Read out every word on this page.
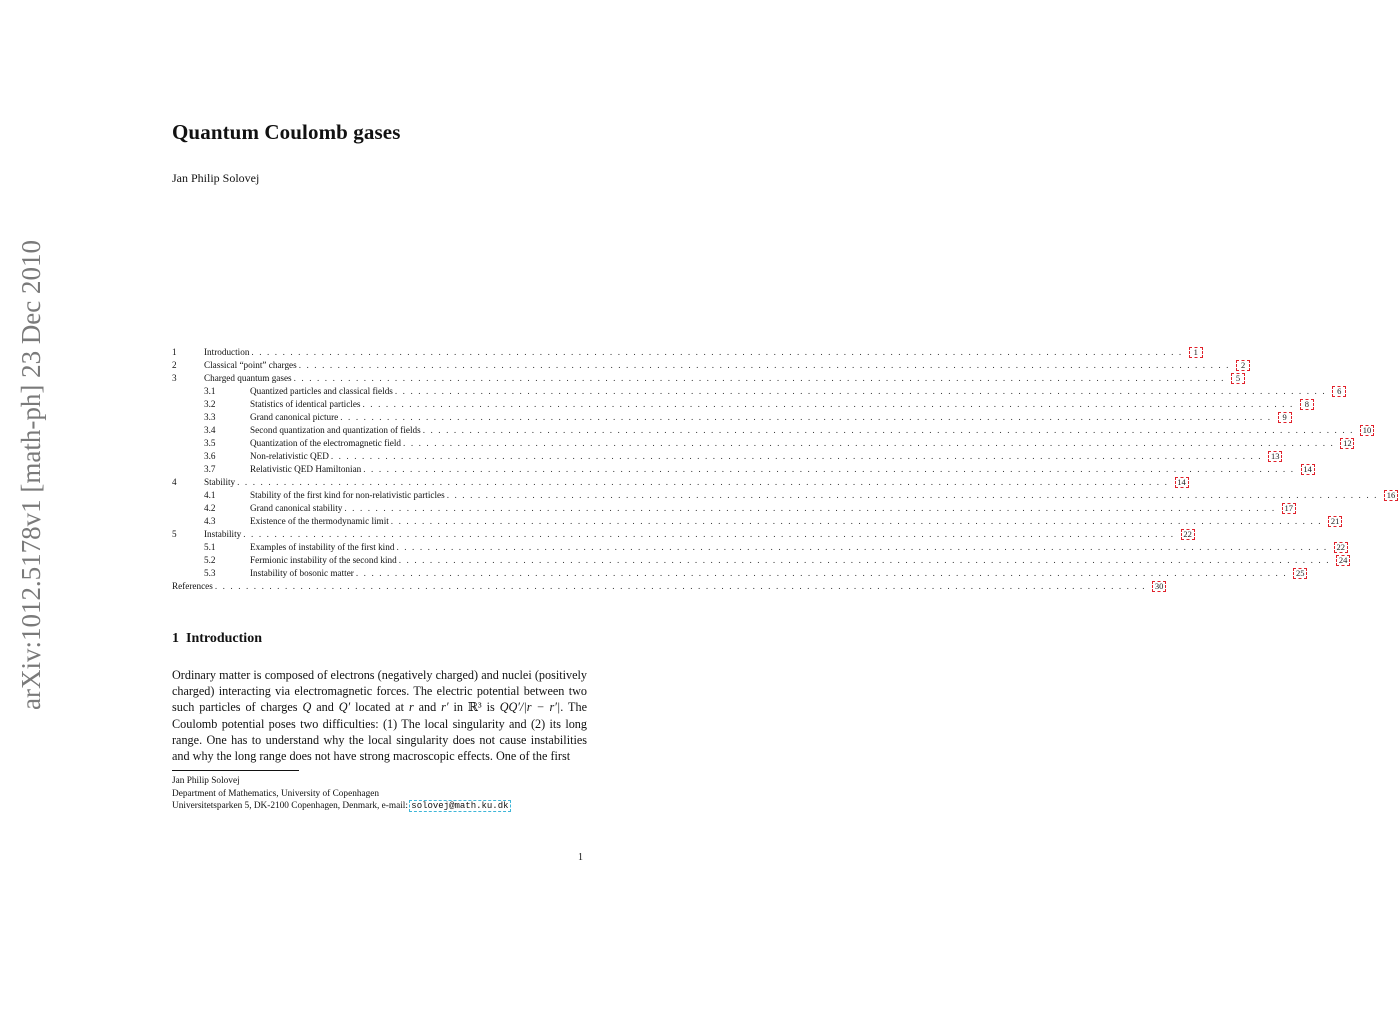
arXiv:1012.5178v1 [math-ph] 23 Dec 2010
Quantum Coulomb gases
Jan Philip Solovej
1	Introduction . . . . . . . . . . . . . . . . . . . . . . . . . . . . . . . . . . . . . . . . . . . . . . . . . . . . . . . . . . . . . . . . . . . . . . . . . . . . . . . . . . . . . . . . . . . . . . . . . . . . . . . . . . . . . . . . . . . . . . . .	1
2	Classical “point” charges . . . . . . . . . . . . . . . . . . . . . . . . . . . . . . . . . . . . . . . . . . . . . . . . . . . . . . . . . . . . . . . . . . . . . . . . . . . . . . . . . . . . . . . . . . . . . . . . . . . . . . . . . . . . . . . . . . . . . . . .	2
3	Charged quantum gases . . . . . . . . . . . . . . . . . . . . . . . . . . . . . . . . . . . . . . . . . . . . . . . . . . . . . . . . . . . . . . . . . . . . . . . . . . . . . . . . . . . . . . . . . . . . . . . . . . . . . . . . . . . . . . . . . . . . . . . .	5
3.1	Quantized particles and classical fields . . . . . . . . . . . . . . . . . . . . . . . . . . . . . . . . . . . . . . . . . . . . . . . . . . . . . . . . . . . . . . . . . . . . . . . . . . . . . . . . . . . . . . . . . . . . . . . . . . . . . . . . . . . . . . . . . . . . . . . .	6
3.2	Statistics of identical particles . . . . . . . . . . . . . . . . . . . . . . . . . . . . . . . . . . . . . . . . . . . . . . . . . . . . . . . . . . . . . . . . . . . . . . . . . . . . . . . . . . . . . . . . . . . . . . . . . . . . . . . . . . . . . . . . . . . . . . . .	8
3.3	Grand canonical picture . . . . . . . . . . . . . . . . . . . . . . . . . . . . . . . . . . . . . . . . . . . . . . . . . . . . . . . . . . . . . . . . . . . . . . . . . . . . . . . . . . . . . . . . . . . . . . . . . . . . . . . . . . . . . . . . . . . . . . . .	9
3.4	Second quantization and quantization of fields . . . . . . . . . . . . . . . . . . . . . . . . . . . . . . . . . . . . . . . . . . . . . . . . . . . . . . . . . . . . . . . . . . . . . . . . . . . . . . . . . . . . . . . . . . . . . . . . . . . . . . . . . . . . . . . . . . . . . . . .	10
3.5	Quantization of the electromagnetic field . . . . . . . . . . . . . . . . . . . . . . . . . . . . . . . . . . . . . . . . . . . . . . . . . . . . . . . . . . . . . . . . . . . . . . . . . . . . . . . . . . . . . . . . . . . . . . . . . . . . . . . . . . . . . . . . . . . . . . . .	12
3.6	Non-relativistic QED . . . . . . . . . . . . . . . . . . . . . . . . . . . . . . . . . . . . . . . . . . . . . . . . . . . . . . . . . . . . . . . . . . . . . . . . . . . . . . . . . . . . . . . . . . . . . . . . . . . . . . . . . . . . . . . . . . . . . . . .	13
3.7	Relativistic QED Hamiltonian . . . . . . . . . . . . . . . . . . . . . . . . . . . . . . . . . . . . . . . . . . . . . . . . . . . . . . . . . . . . . . . . . . . . . . . . . . . . . . . . . . . . . . . . . . . . . . . . . . . . . . . . . . . . . . . . . . . . . . . .	14
4	Stability . . . . . . . . . . . . . . . . . . . . . . . . . . . . . . . . . . . . . . . . . . . . . . . . . . . . . . . . . . . . . . . . . . . . . . . . . . . . . . . . . . . . . . . . . . . . . . . . . . . . . . . . . . . . . . . . . . . . . . . .	14
4.1	Stability of the first kind for non-relativistic particles . . . . . . . . . . . . . . . . . . . . . . . . . . . . . . . . . . . . . . . . . . . . . . . . . . . . . . . . . . . . . . . . . . . . . . . . . . . . . . . . . . . . . . . . . . . . . . . . . . . . . . . . . . . . . . . . . . . . . . . .	16
4.2	Grand canonical stability . . . . . . . . . . . . . . . . . . . . . . . . . . . . . . . . . . . . . . . . . . . . . . . . . . . . . . . . . . . . . . . . . . . . . . . . . . . . . . . . . . . . . . . . . . . . . . . . . . . . . . . . . . . . . . . . . . . . . . . .	17
4.3	Existence of the thermodynamic limit . . . . . . . . . . . . . . . . . . . . . . . . . . . . . . . . . . . . . . . . . . . . . . . . . . . . . . . . . . . . . . . . . . . . . . . . . . . . . . . . . . . . . . . . . . . . . . . . . . . . . . . . . . . . . . . . . . . . . . . .	21
5	Instability . . . . . . . . . . . . . . . . . . . . . . . . . . . . . . . . . . . . . . . . . . . . . . . . . . . . . . . . . . . . . . . . . . . . . . . . . . . . . . . . . . . . . . . . . . . . . . . . . . . . . . . . . . . . . . . . . . . . . . . .	22
5.1	Examples of instability of the first kind . . . . . . . . . . . . . . . . . . . . . . . . . . . . . . . . . . . . . . . . . . . . . . . . . . . . . . . . . . . . . . . . . . . . . . . . . . . . . . . . . . . . . . . . . . . . . . . . . . . . . . . . . . . . . . . . . . . . . . . .	22
5.2	Fermionic instability of the second kind . . . . . . . . . . . . . . . . . . . . . . . . . . . . . . . . . . . . . . . . . . . . . . . . . . . . . . . . . . . . . . . . . . . . . . . . . . . . . . . . . . . . . . . . . . . . . . . . . . . . . . . . . . . . . . . . . . . . . . . .	24
5.3	Instability of bosonic matter . . . . . . . . . . . . . . . . . . . . . . . . . . . . . . . . . . . . . . . . . . . . . . . . . . . . . . . . . . . . . . . . . . . . . . . . . . . . . . . . . . . . . . . . . . . . . . . . . . . . . . . . . . . . . . . . . . . . . . . .	25
References . . . . . . . . . . . . . . . . . . . . . . . . . . . . . . . . . . . . . . . . . . . . . . . . . . . . . . . . . . . . . . . . . . . . . . . . . . . . . . . . . . . . . . . . . . . . . . . . . . . . . . . . . . . . . . . . . . . . . . . .	30
1 Introduction
Ordinary matter is composed of electrons (negatively charged) and nuclei (positively charged) interacting via electromagnetic forces. The electric potential between two such particles of charges Q and Q′ located at r and r′ in ℝ³ is QQ′/|r − r′|. The Coulomb potential poses two difficulties: (1) The local singularity and (2) its long range. One has to understand why the local singularity does not cause instabilities and why the long range does not have strong macroscopic effects. One of the first
Jan Philip Solovej
Department of Mathematics, University of Copenhagen
Universitetsparken 5, DK-2100 Copenhagen, Denmark, e-mail: solovej@math.ku.dk
1
